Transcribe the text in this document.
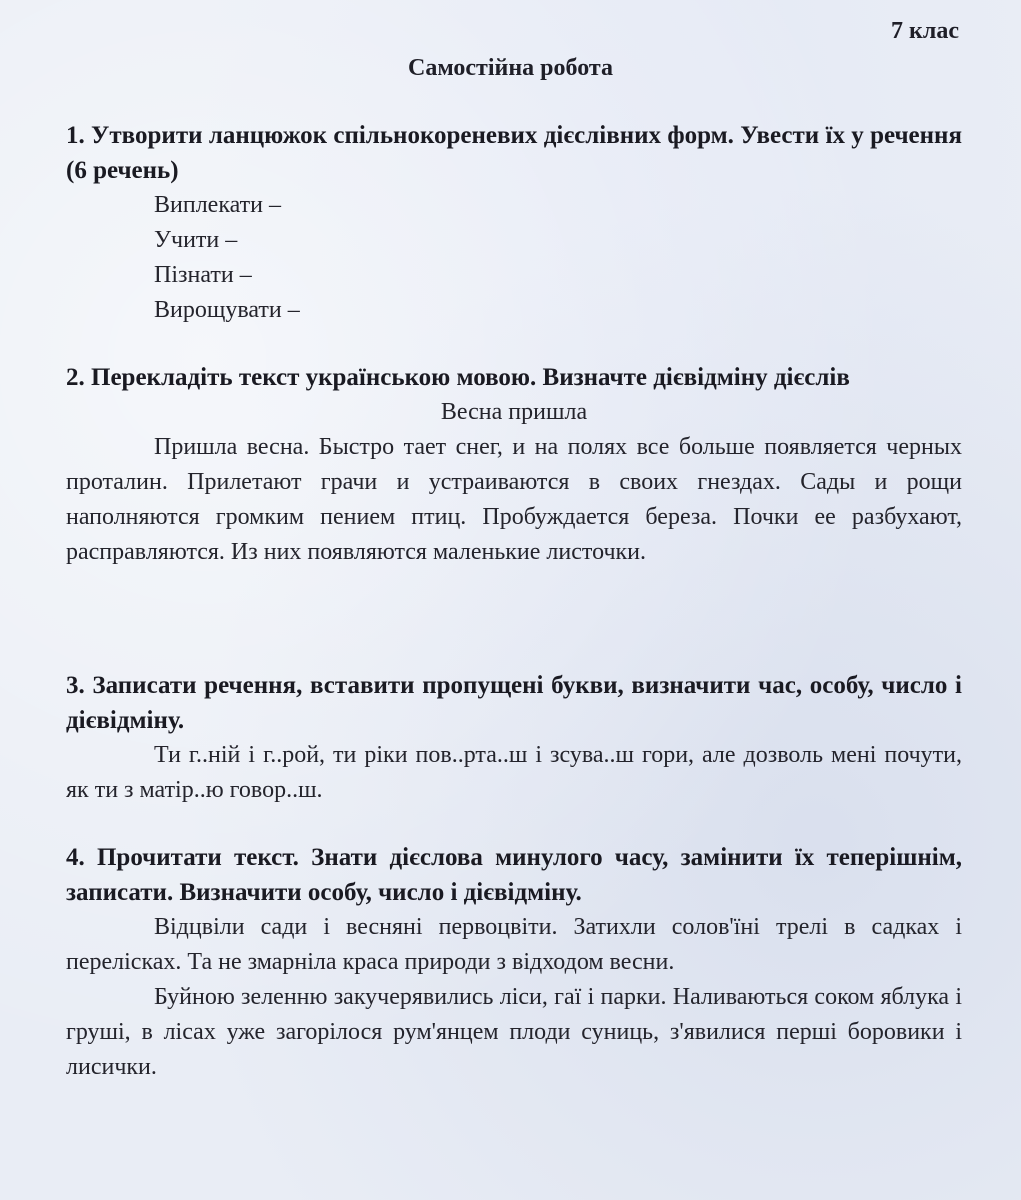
7 клас
Самостійна робота
1. Утворити ланцюжок спільнокореневих дієслівних форм. Увести їх у речення (6 речень)
Виплекати –
Учити –
Пізнати –
Вирощувати –
2. Перекладіть текст українською мовою. Визначте дієвідміну дієслів
Весна пришла

Пришла весна. Быстро тает снег, и на полях все больше появляется черных проталин. Прилетают грачи и устраиваются в своих гнездах. Сады и рощи наполняются громким пением птиц. Пробуждается береза. Почки ее разбухают, расправляются. Из них появляются маленькие листочки.

3. Записати речення, вставити пропущені букви, визначити час, особу, число і дієвідміну.

Ти г..ній і г..рой, ти ріки пов..рта..ш і зсува..ш гори, але дозволь мені почути, як ти з матір..ю говор..ш.

4. Прочитати текст. Знати дієслова минулого часу, замінити їх теперішнім, записати. Визначити особу, число і дієвідміну.

Відцвіли сади і весняні первоцвіти. Затихли солов'їні трелі в садках і перелісках. Та не змарніла краса природи з відходом весни.

Буйною зеленню закучерявились ліси, гаї і парки. Наливаються соком яблука і груші, в лісах уже загорілося рум'янцем плоди суниць, з'явилися перші боровики і лисички.
